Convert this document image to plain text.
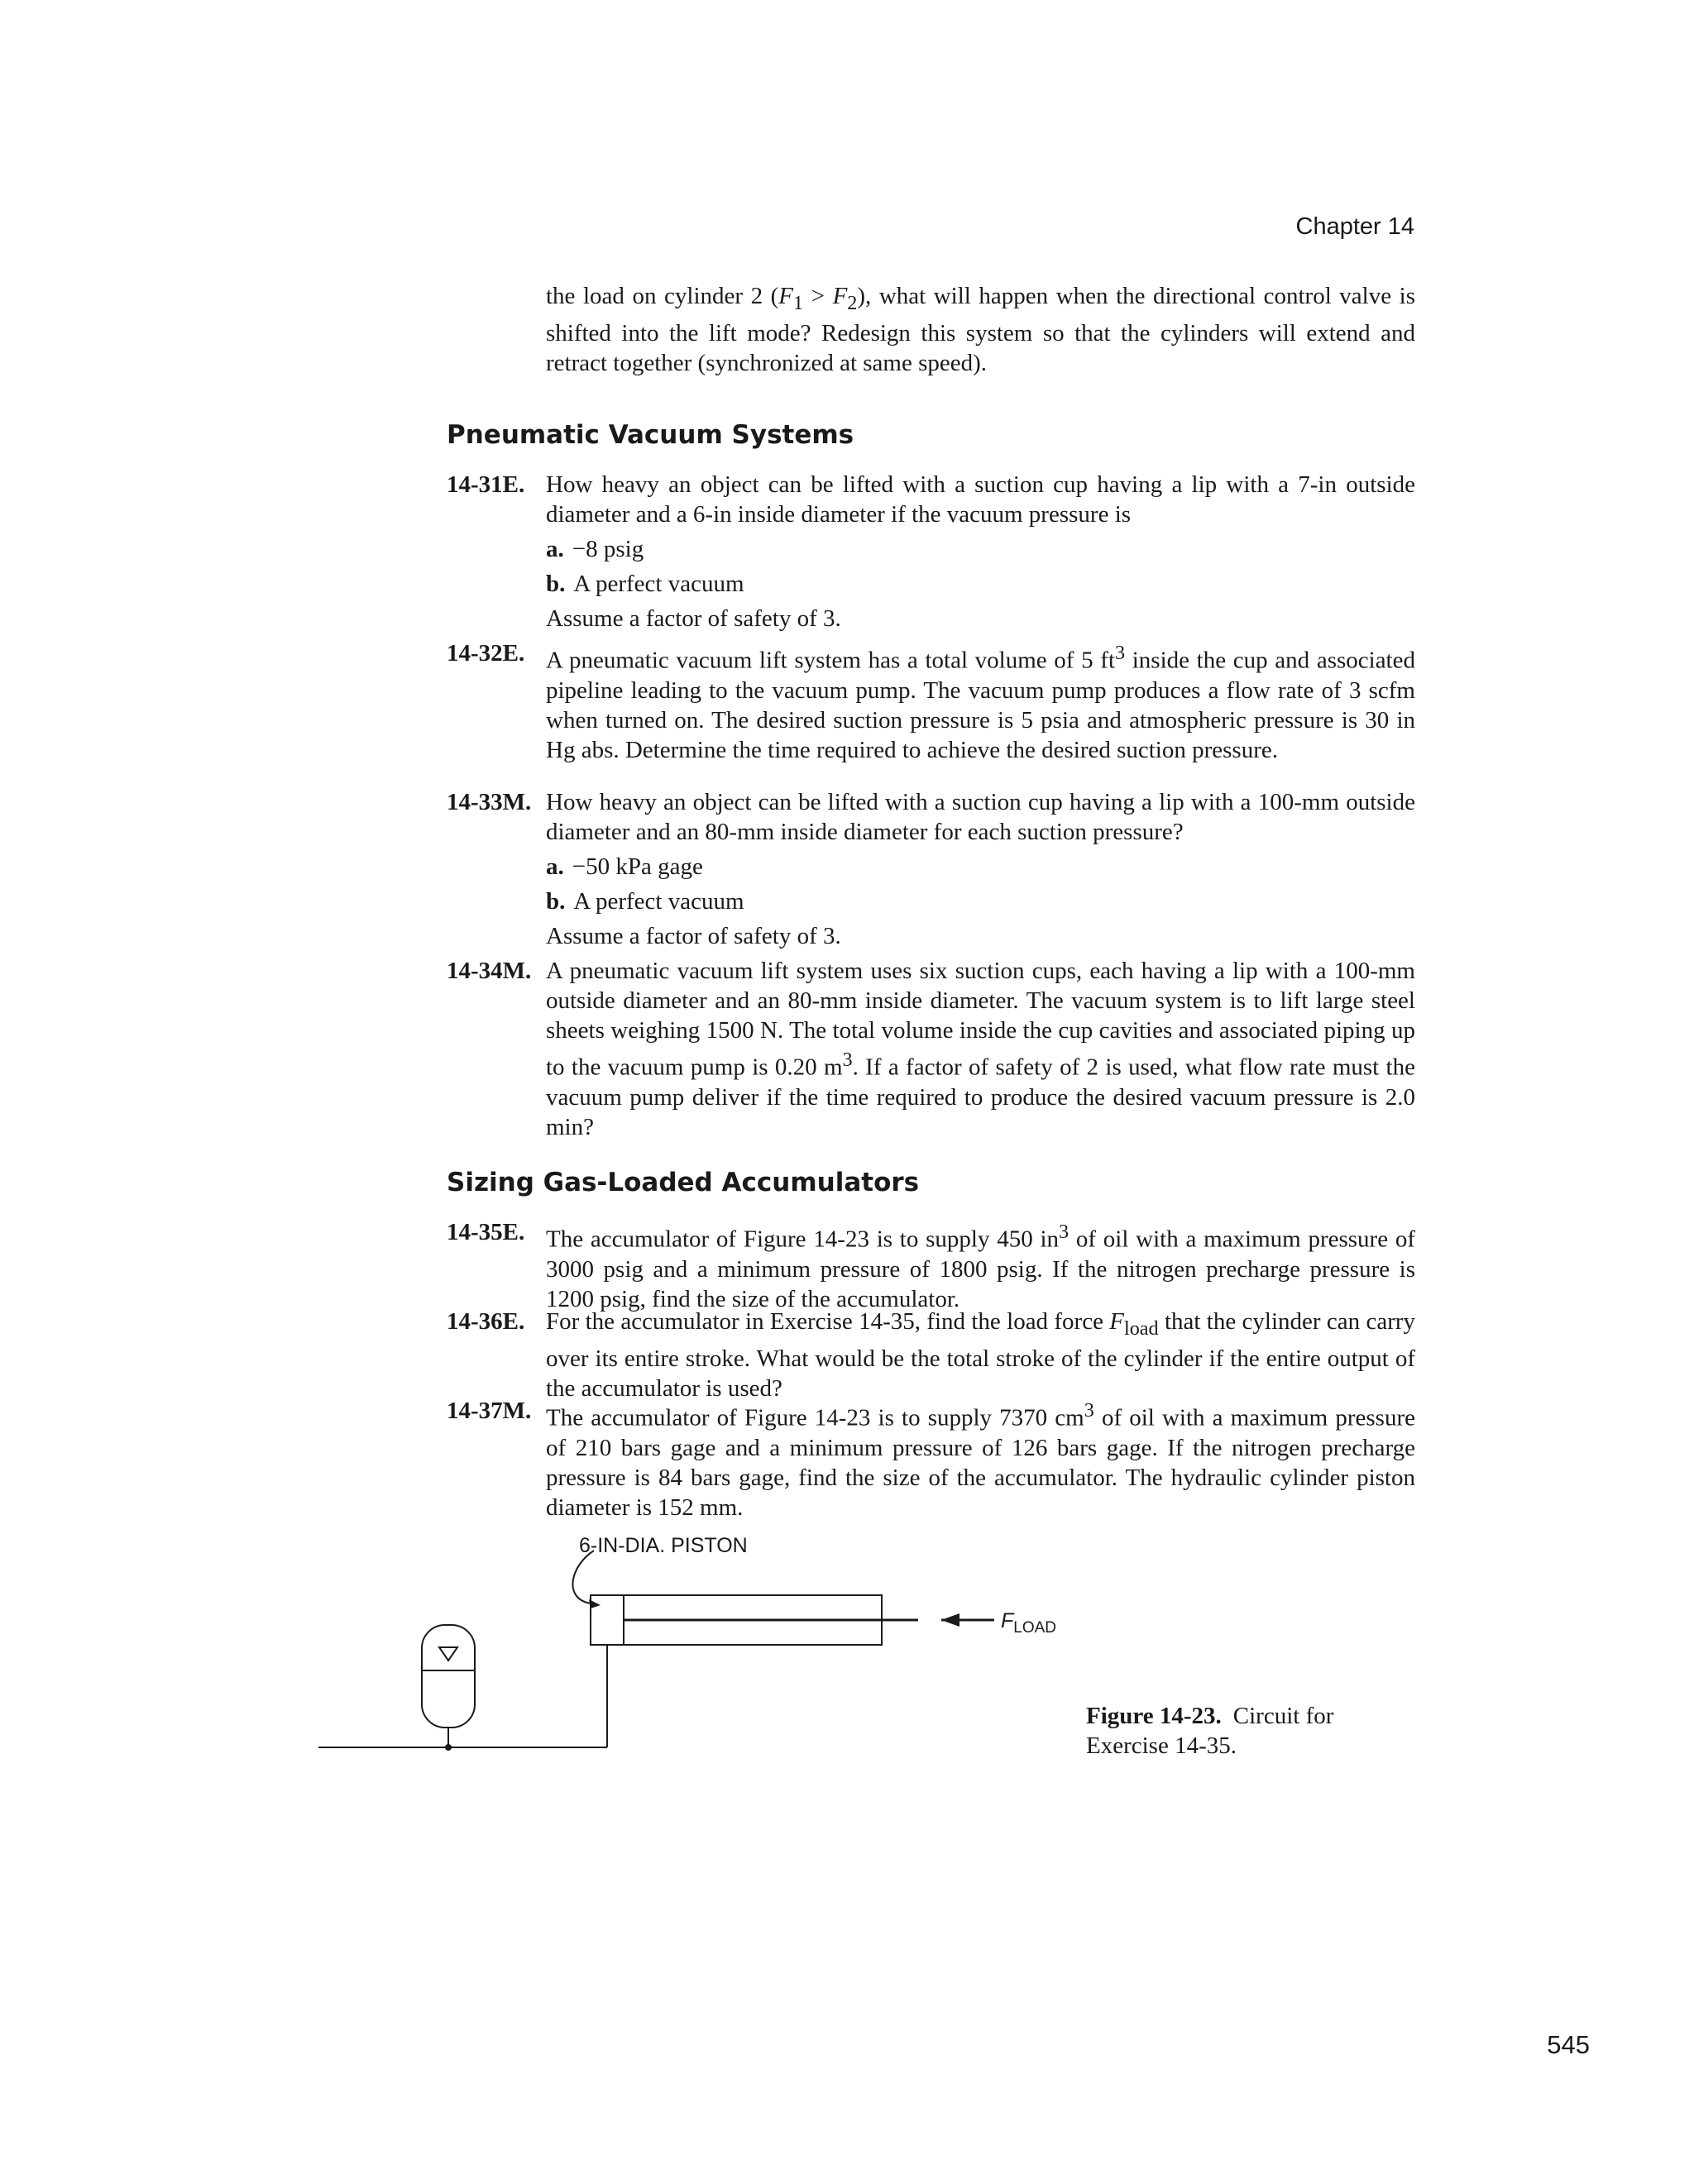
Chapter 14

the load on cylinder 2 $(F_1 > F_2)$, what will happen when the directional control valve is shifted into the lift mode? Redesign this system so that the cylinders will extend and retract together (synchronized at same speed).

Pneumatic Vacuum Systems
14-31E. How heavy an object can be lifted with a suction cup having a lip with a 7-in outside diameter and a 6-in inside diameter if the vacuum pressure is
a. −8 psig
b. A perfect vacuum
Assume a factor of safety of 3.
14-32E. A pneumatic vacuum lift system has a total volume of 5 $ft^3$ inside the cup and associated pipeline leading to the vacuum pump. The vacuum pump produces a flow rate of 3 scfm when turned on. The desired suction pressure is 5 psia and atmospheric pressure is 30 in Hg abs. Determine the time required to achieve the desired suction pressure.
14-33M. How heavy an object can be lifted with a suction cup having a lip with a 100-mm outside diameter and an 80-mm inside diameter for each suction pressure?
a. −50 kPa gage
b. A perfect vacuum
Assume a factor of safety of 3.
14-34M. A pneumatic vacuum lift system uses six suction cups, each having a lip with a 100-mm outside diameter and an 80-mm inside diameter. The vacuum system is to lift large steel sheets weighing 1500 N. The total volume inside the cup cavities and associated piping up to the vacuum pump is 0.20 $m^3$. If a factor of safety of 2 is used, what flow rate must the vacuum pump deliver if the time required to produce the desired vacuum pressure is 2.0 min?
Sizing Gas-Loaded Accumulators
14-35E. The accumulator of Figure 14-23 is to supply 450 $in^3$ of oil with a maximum pressure of 3000 psig and a minimum pressure of 1800 psig. If the nitrogen precharge pressure is 1200 psig, find the size of the accumulator.
14-36E. For the accumulator in Exercise 14-35, find the load force $F_{load}$ that the cylinder can carry over its entire stroke. What would be the total stroke of the cylinder if the entire output of the accumulator is used?
14-37M. The accumulator of Figure 14-23 is to supply 7370 $cm^3$ of oil with a maximum pressure of 210 bars gage and a minimum pressure of 126 bars gage. If the nitrogen precharge pressure is 84 bars gage, find the size of the accumulator. The hydraulic cylinder piston diameter is 152 mm.
6-IN-DIA. PISTON
$F_{LOAD}$
Figure 14-23. Circuit for Exercise 14-35.
545
